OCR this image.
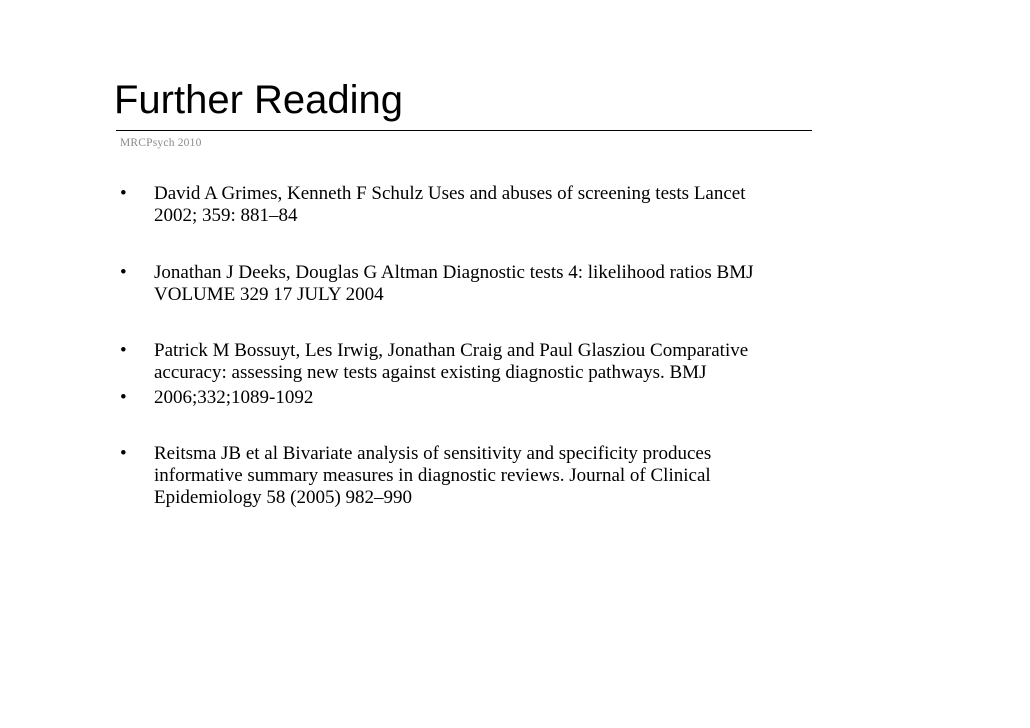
Further Reading
MRCPsych 2010
•	David A Grimes, Kenneth F Schulz Uses and abuses of screening tests Lancet
2002; 359: 881–84
•	Jonathan J Deeks, Douglas G Altman Diagnostic tests 4: likelihood ratios BMJ
VOLUME 329 17 JULY 2004
•	Patrick M Bossuyt, Les Irwig, Jonathan Craig and Paul Glasziou Comparative
accuracy: assessing new tests against existing diagnostic pathways. BMJ
•	2006;332;1089-1092
•	Reitsma JB et al Bivariate analysis of sensitivity and specificity produces
informative summary measures in diagnostic reviews. Journal of Clinical
Epidemiology 58 (2005) 982–990
